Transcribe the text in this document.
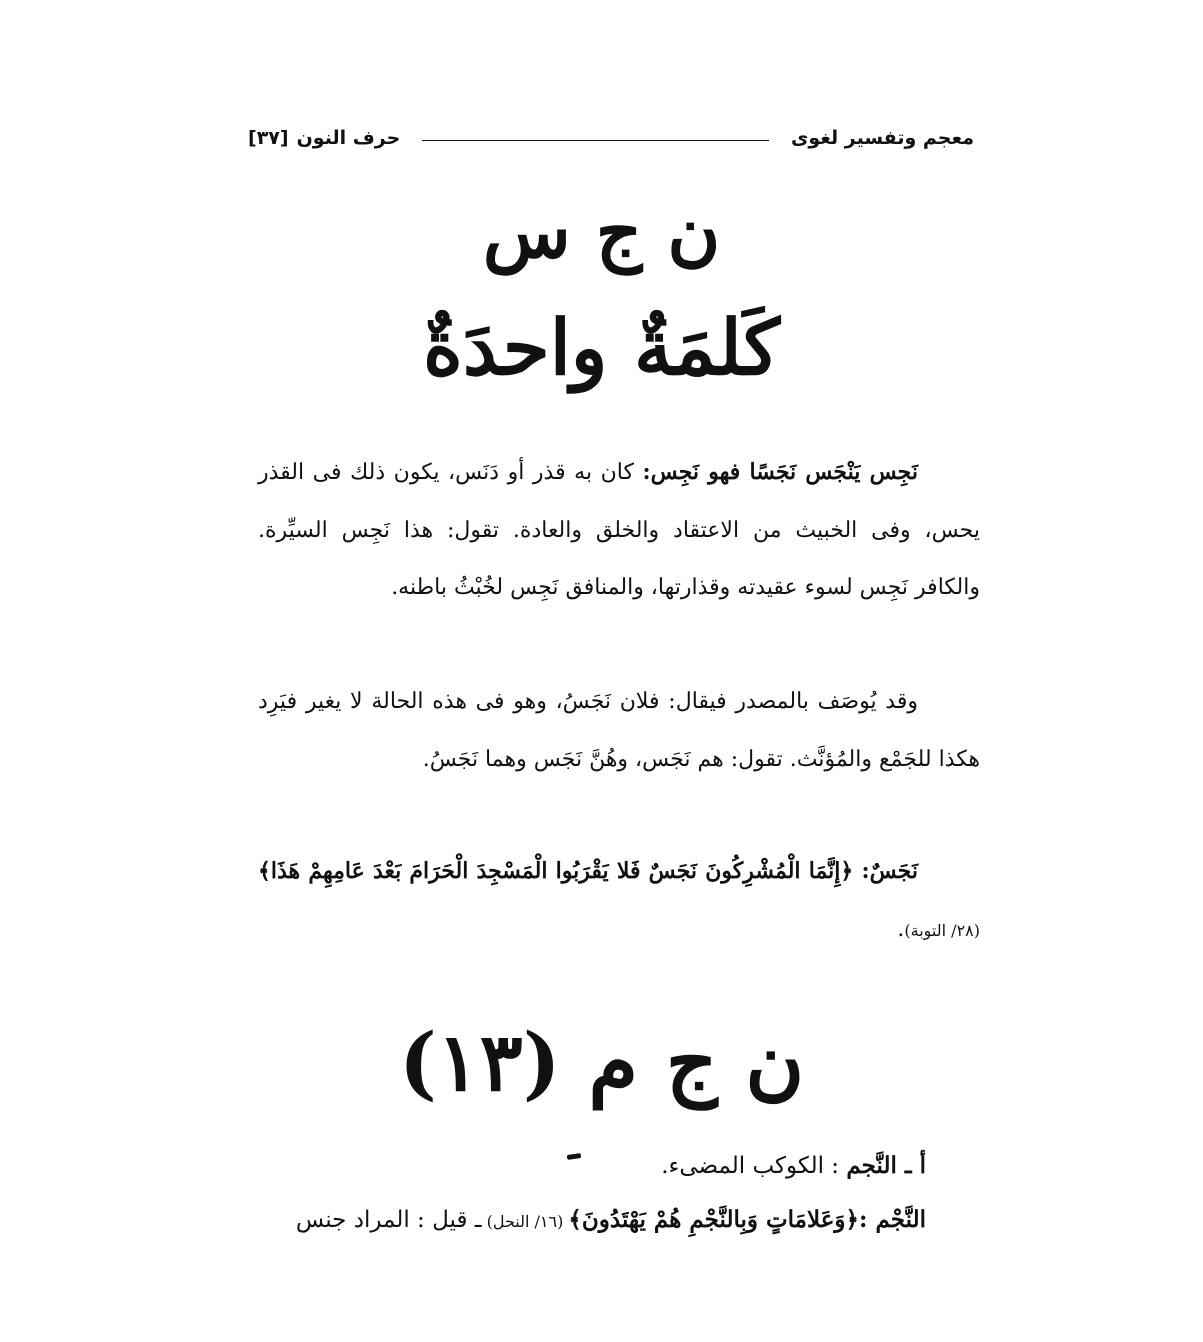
معجم وتفسير لغوى
حرف النون
[٣٧]
ن ج س
كَلمَةٌ واحدَةٌ
نَجِس يَنْجَس نَجَسًا فهو نَجِس: كان به قذر أو دَنَس، يكون ذلك فى القذر يحس، وفى الخبيث من الاعتقاد والخلق والعادة. تقول: هذا نَجِس السيِّرة. والكافر نَجِس لسوء عقيدته وقذارتها، والمنافق نَجِس لخُبْثُ باطنه.
وقد يُوصَف بالمصدر فيقال: فلان نَجَسُ، وهو فى هذه الحالة لا يغير فيَرِد هكذا للجَمْع والمُؤنَّث. تقول: هم نَجَس، وهُنَّ نَجَس وهما نَجَسُ.
نَجَسٌ: ﴿إِنَّمَا الْمُشْرِكُونَ نَجَسٌ فَلا يَقْرَبُوا الْمَسْجِدَ الْحَرَامَ بَعْدَ عَامِهِمْ هَذَا﴾ (٢٨/ التوبة).
ن ج م (١٣)
أ ـ النَّجم : الكوكب المضىء.
النَّجْم :﴿وَعَلامَاتٍ وَبِالنَّجْمِ هُمْ يَهْتَدُونَ﴾ (١٦/ النحل) ـ قيل : المراد جنس
